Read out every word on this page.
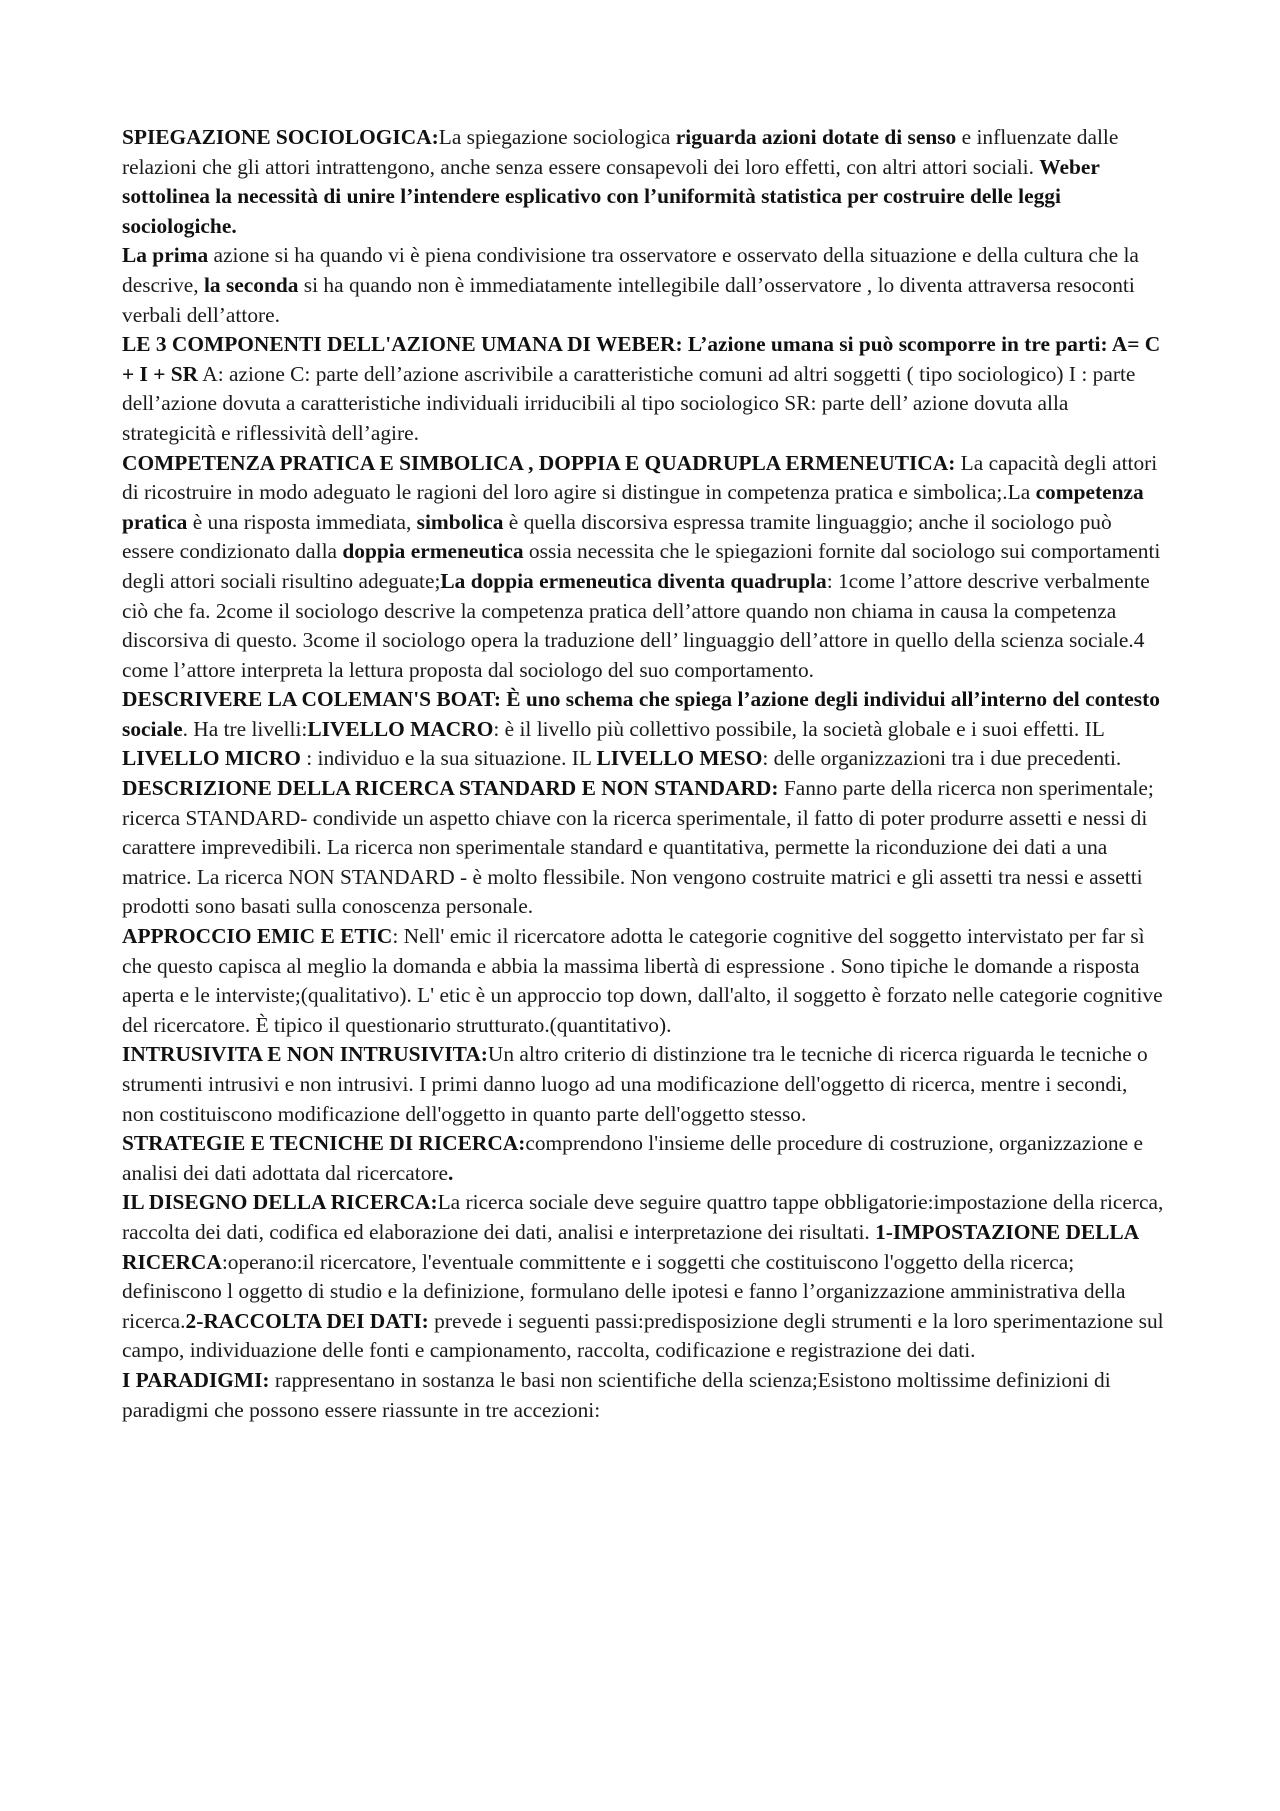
SPIEGAZIONE SOCIOLOGICA:La spiegazione sociologica riguarda azioni dotate di senso e influenzate dalle relazioni che gli attori intrattengono, anche senza essere consapevoli dei loro effetti, con altri attori sociali. Weber sottolinea la necessità di unire l’intendere esplicativo con l’uniformità statistica per costruire delle leggi sociologiche.

La prima azione si ha quando vi è piena condivisione tra osservatore e osservato della situazione e della cultura che la descrive, la seconda si ha quando non è immediatamente intellegibile dall’osservatore , lo diventa attraversa resoconti verbali dell’attore.

LE 3 COMPONENTI DELL'AZIONE UMANA DI WEBER: L’azione umana si può scomporre in tre parti: A= C + I + SR A: azione C: parte dell’azione ascrivibile a caratteristiche comuni ad altri soggetti ( tipo sociologico) I : parte dell’azione dovuta a caratteristiche individuali irriducibili al tipo sociologico SR: parte dell’ azione dovuta alla strategicità e riflessività dell’agire.

COMPETENZA PRATICA E SIMBOLICA , DOPPIA E QUADRUPLA ERMENEUTICA: La capacità degli attori di ricostruire in modo adeguato le ragioni del loro agire si distingue in competenza pratica e simbolica;.La competenza pratica è una risposta immediata, simbolica è quella discorsiva espressa tramite linguaggio; anche il sociologo può essere condizionato dalla doppia ermeneutica ossia necessita che le spiegazioni fornite dal sociologo sui comportamenti degli attori sociali risultino adeguate;La doppia ermeneutica diventa quadrupla: 1come l’attore descrive verbalmente ciò che fa. 2come il sociologo descrive la competenza pratica dell’attore quando non chiama in causa la competenza discorsiva di questo. 3come il sociologo opera la traduzione dell’ linguaggio dell’attore in quello della scienza sociale.4 come l’attore interpreta la lettura proposta dal sociologo del suo comportamento.

DESCRIVERE LA COLEMAN'S BOAT: È uno schema che spiega l’azione degli individui all’interno del contesto sociale. Ha tre livelli:LIVELLO MACRO: è il livello più collettivo possibile, la società globale e i suoi effetti. IL LIVELLO MICRO : individuo e la sua situazione. IL LIVELLO MESO: delle organizzazioni tra i due precedenti.

DESCRIZIONE DELLA RICERCA STANDARD E NON STANDARD: Fanno parte della ricerca non sperimentale; ricerca STANDARD- condivide un aspetto chiave con la ricerca sperimentale, il fatto di poter produrre assetti e nessi di carattere imprevedibili. La ricerca non sperimentale standard e quantitativa, permette la riconduzione dei dati a una matrice. La ricerca NON STANDARD - è molto flessibile. Non vengono costruite matrici e gli assetti tra nessi e assetti prodotti sono basati sulla conoscenza personale.

APPROCCIO EMIC E ETIC: Nell' emic il ricercatore adotta le categorie cognitive del soggetto intervistato per far sì che questo capisca al meglio la domanda e abbia la massima libertà di espressione . Sono tipiche le domande a risposta aperta e le interviste;(qualitativo). L' etic è un approccio top down, dall'alto, il soggetto è forzato nelle categorie cognitive del ricercatore. È tipico il questionario strutturato.(quantitativo).

INTRUSIVITA E NON INTRUSIVITA:Un altro criterio di distinzione tra le tecniche di ricerca riguarda le tecniche o strumenti intrusivi e non intrusivi. I primi danno luogo ad una modificazione dell'oggetto di ricerca, mentre i secondi, non costituiscono modificazione dell'oggetto in quanto parte dell'oggetto stesso.

STRATEGIE E TECNICHE DI RICERCA:comprendono l'insieme delle procedure di costruzione, organizzazione e analisi dei dati adottata dal ricercatore.

IL DISEGNO DELLA RICERCA:La ricerca sociale deve seguire quattro tappe obbligatorie:impostazione della ricerca, raccolta dei dati, codifica ed elaborazione dei dati, analisi e interpretazione dei risultati. 1-IMPOSTAZIONE DELLA RICERCA:operano:il ricercatore, l'eventuale committente e i soggetti che costituiscono l'oggetto della ricerca; definiscono l oggetto di studio e la definizione, formulano delle ipotesi e fanno l’organizzazione amministrativa della ricerca.2-RACCOLTA DEI DATI: prevede i seguenti passi:predisposizione degli strumenti e la loro sperimentazione sul campo, individuazione delle fonti e campionamento, raccolta, codificazione e registrazione dei dati.

I PARADIGMI: rappresentano in sostanza le basi non scientifiche della scienza;Esistono moltissime definizioni di paradigmi che possono essere riassunte in tre accezioni:
